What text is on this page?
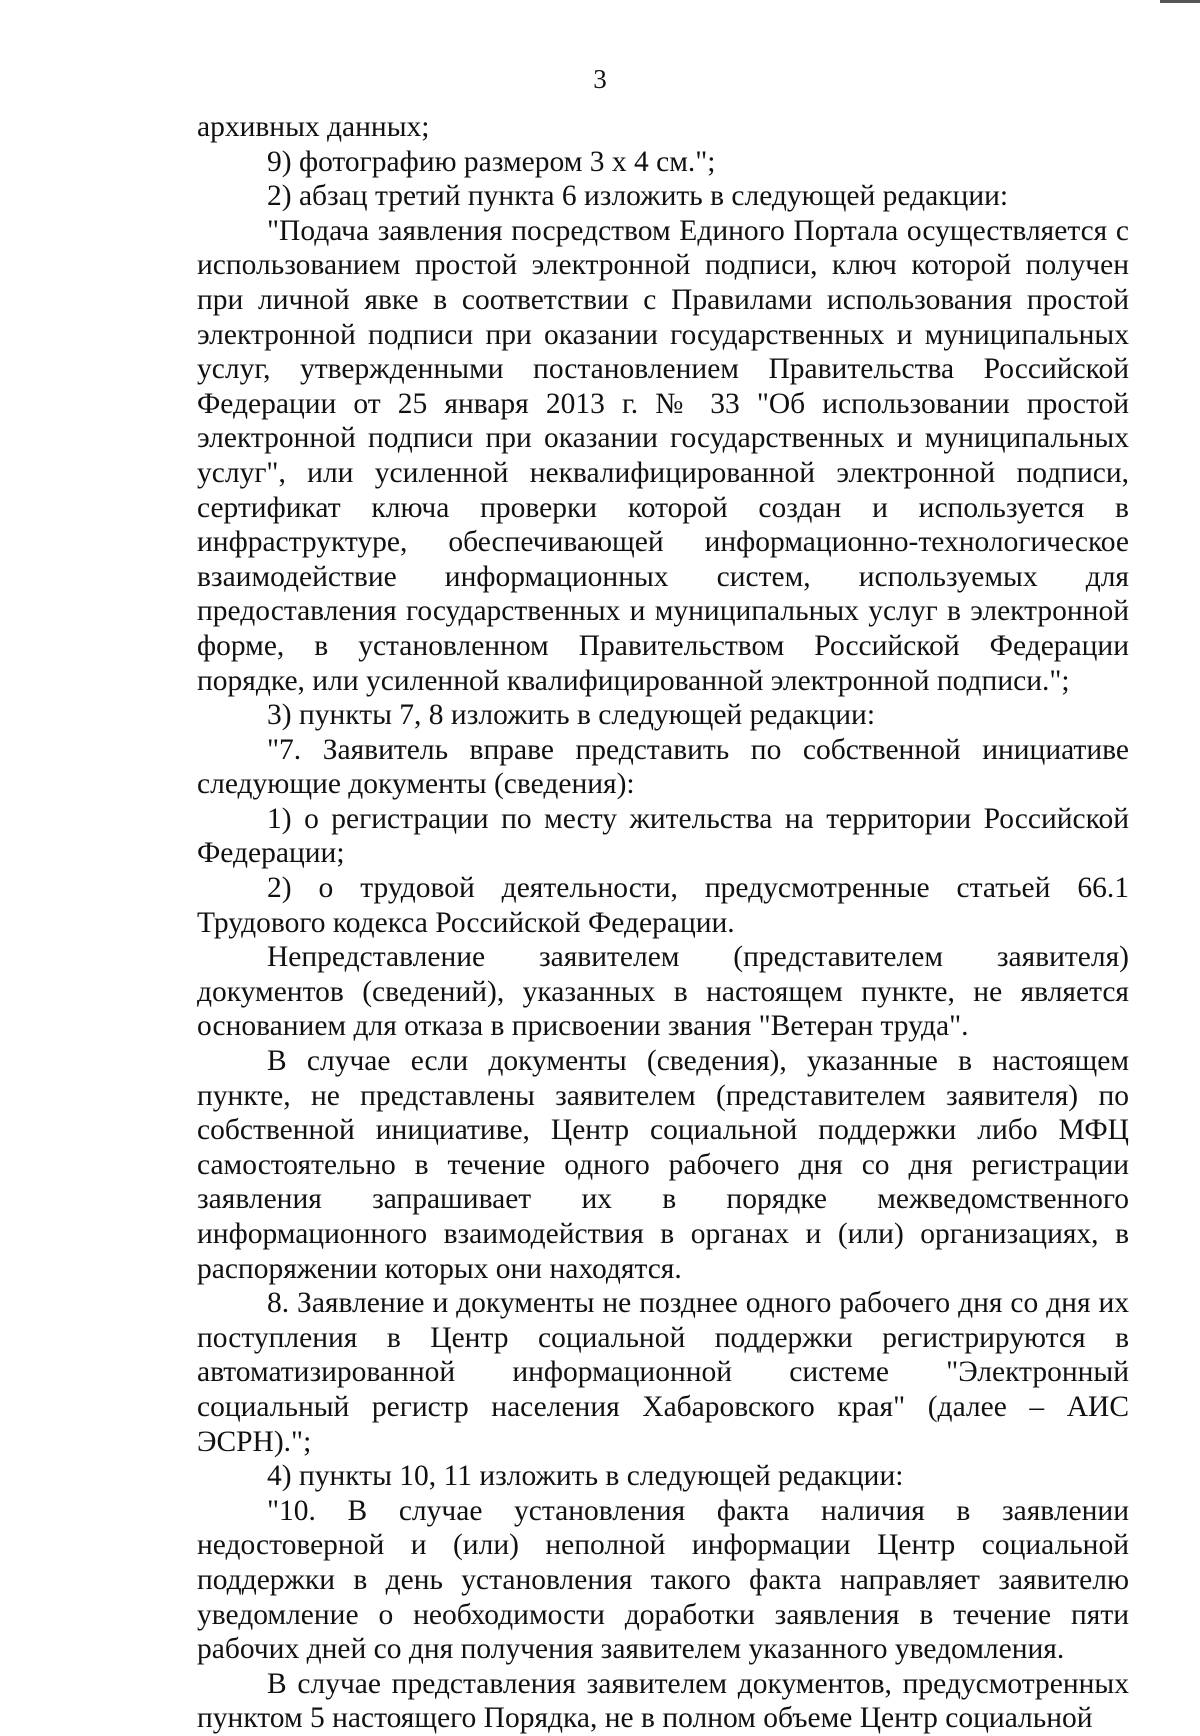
3

архивных данных;

9) фотографию размером 3 x 4 см.";

2) абзац третий пункта 6 изложить в следующей редакции:

"Подача заявления посредством Единого Портала осуществляется с использованием простой электронной подписи, ключ которой получен при личной явке в соответствии с Правилами использования простой электронной подписи при оказании государственных и муниципальных услуг, утвержденными постановлением Правительства Российской Федерации от 25 января 2013 г. № 33 "Об использовании простой электронной подписи при оказании государственных и муниципальных услуг", или усиленной неквалифицированной электронной подписи, сертификат ключа проверки которой создан и используется в инфраструктуре, обеспечивающей информационно-технологическое взаимодействие информационных систем, используемых для предоставления государственных и муниципальных услуг в электронной форме, в установленном Правительством Российской Федерации порядке, или усиленной квалифицированной электронной подписи.";

3) пункты 7, 8 изложить в следующей редакции:

"7. Заявитель вправе представить по собственной инициативе следующие документы (сведения):

1) о регистрации по месту жительства на территории Российской Федерации;

2) о трудовой деятельности, предусмотренные статьей 66.1 Трудового кодекса Российской Федерации.

Непредставление заявителем (представителем заявителя) документов (сведений), указанных в настоящем пункте, не является основанием для отказа в присвоении звания "Ветеран труда".

В случае если документы (сведения), указанные в настоящем пункте, не представлены заявителем (представителем заявителя) по собственной инициативе, Центр социальной поддержки либо МФЦ самостоятельно в течение одного рабочего дня со дня регистрации заявления запрашивает их в порядке межведомственного информационного взаимодействия в органах и (или) организациях, в распоряжении которых они находятся.

8. Заявление и документы не позднее одного рабочего дня со дня их поступления в Центр социальной поддержки регистрируются в автоматизированной информационной системе "Электронный социальный регистр населения Хабаровского края" (далее – АИС ЭСРН).";

4) пункты 10, 11 изложить в следующей редакции:

"10. В случае установления факта наличия в заявлении недостоверной и (или) неполной информации Центр социальной поддержки в день установления такого факта направляет заявителю уведомление о необходимости доработки заявления в течение пяти рабочих дней со дня получения заявителем указанного уведомления.

В случае представления заявителем документов, предусмотренных пунктом 5 настоящего Порядка, не в полном объеме Центр социальной
